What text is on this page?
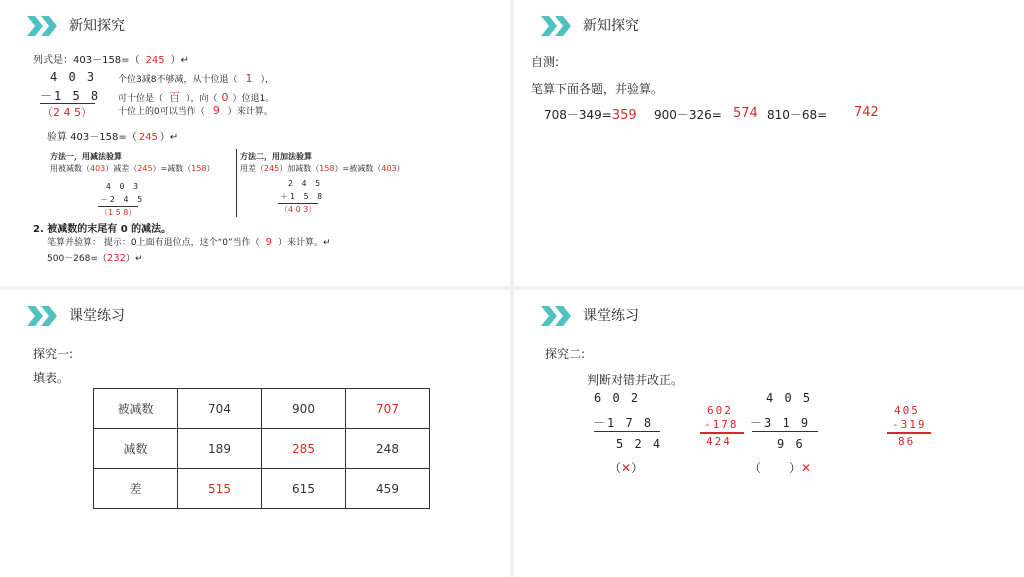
新知探究
列式是：403－158=（ 245 ）↵
4 0 3
－1 5 8
（2 4 5）
个位3减8不够减，从十位退（ 1 ），
可十位是（ 百 ），向（ 0 ）位退1。
十位上的0可以当作（ 9 ）来计算。
验算 403－158=（ 245 ）↵
方法一，用减法验算
用被减数（403）减差（245）=减数（158）
4 0 3
－2 4 5
（1 5 8）
方法二，用加法验算
用差（245）加减数（158）=被减数（403）
2 4 5
＋1 5 8
（4 0 3）
2. 被减数的末尾有 0 的减法。
笔算并验算： 提示：0上面有退位点，这个“0”当作（ 9 ）来计算。↵
500－268=（232）↵
新知探究
自测:
笔算下面各题，并验算。
708－349=359 900－326= 574 810－68= 742
课堂练习
探究一:
填表。
被减数	704	900	707
减数	189	285	248
差	515	615	459
课堂练习
探究二:
判断对错并改正。
6 0 2
－1 7 8
5 2 4
（✕）
602
-178
424
4 0 5
－3 1 9
9 6
（ ）✕
405
-319
86
